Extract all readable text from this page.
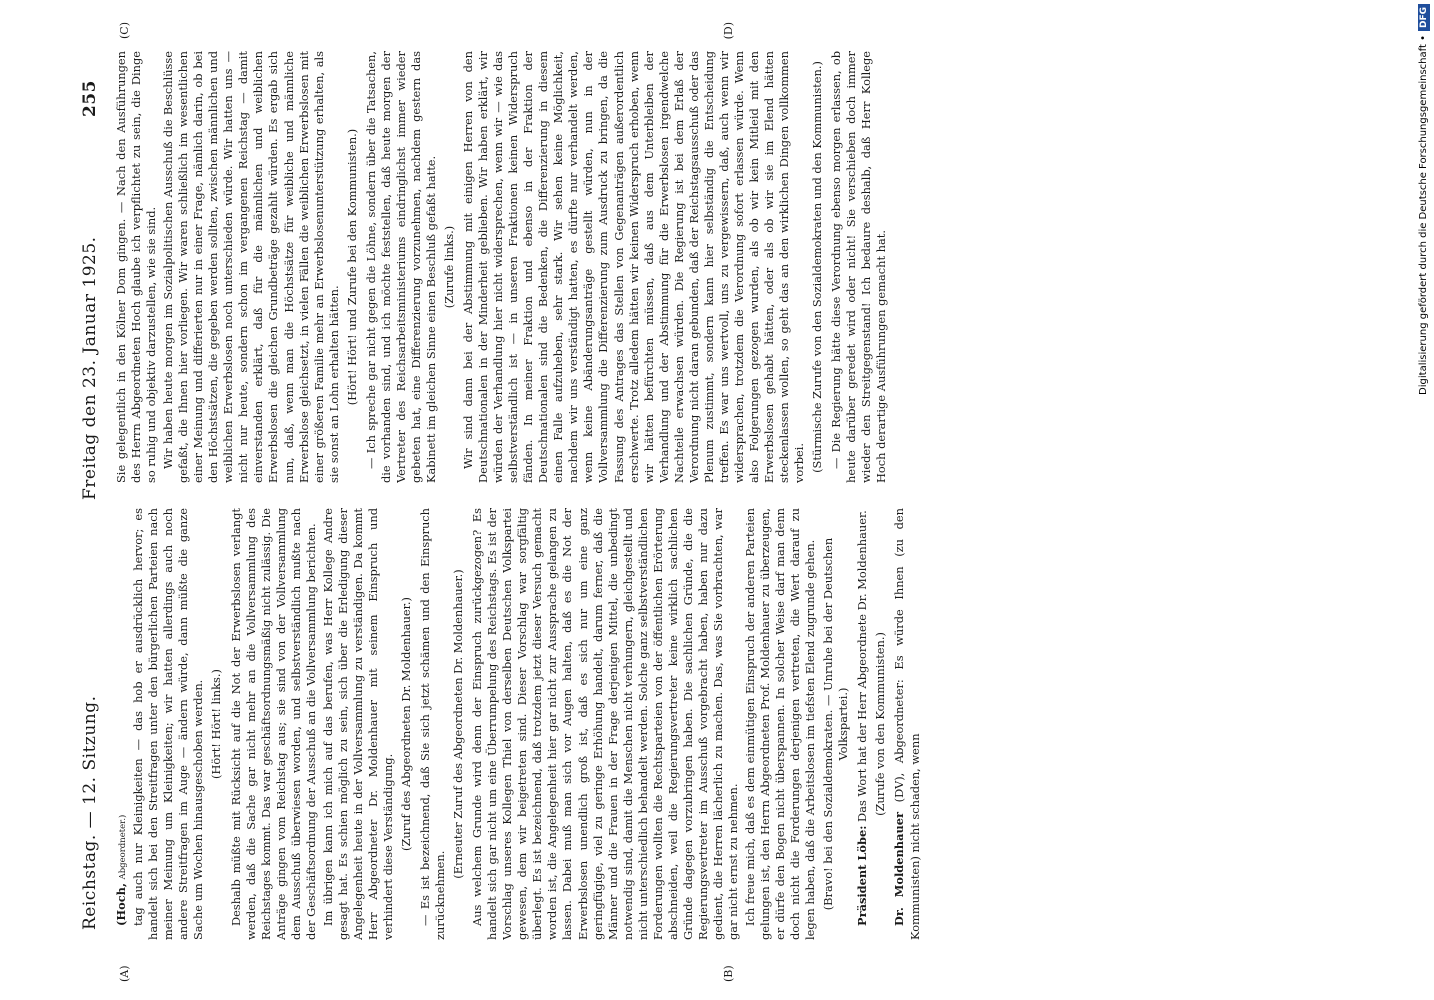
Reichstag. — 12. Sitzung.
Freitag den 23. Januar 1925.
255
(A)	(B)
(C)	(D)

(Hoch, Abgeordneter.) tag auch nur Kleinigkeiten — das hob er ausdrücklich hervor; es handelt sich bei den Streitfragen unter den bürgerlichen Parteien nach meiner Meinung um Kleinigkeiten; wir hatten allerdings auch noch andere Streitfragen im Auge — ändern würde, dann müßte die ganze Sache um Wochen hinausgeschoben werden. (Hört! Hört! links.) Deshalb müßte mit Rücksicht auf die Not der Erwerbslosen verlangt werden, daß die Sache gar nicht mehr an die Vollversammlung des Reichstages kommt. Das war geschäftsordnungsmäßig nicht zulässig. Die Anträge gingen vom Reichstag aus; sie sind von der Vollversammlung dem Ausschuß überwiesen worden, und selbstverständlich mußte nach der Geschäftsordnung der Ausschuß an die Vollversammlung berichten. Im übrigen kann ich mich auf das berufen, was Herr Kollege Andre gesagt hat. Es schien möglich zu sein, sich über die Erledigung dieser Angelegenheit heute in der Vollversammlung zu verständigen. Da kommt Herr Abgeordneter Dr. Moldenhauer mit seinem Einspruch und verhindert diese Verständigung. (Zuruf des Abgeordneten Dr. Moldenhauer.) — Es ist bezeichnend, daß Sie sich jetzt schämen und den Einspruch zurücknehmen.

(Erneuter Zuruf des Abgeordneten Dr. Moldenhauer.) Aus welchem Grunde wird denn der Einspruch zurückgezogen? Es handelt sich gar nicht um eine Überrumpelung des Reichstags. Es ist der Vorschlag unseres Kollegen Thiel von derselben Deutschen Volkspartei gewesen, dem wir beigetreten sind. Dieser Vorschlag war sorgfältig überlegt. Es ist bezeichnend, daß trotzdem jetzt dieser Versuch gemacht worden ist, die Angelegenheit hier gar nicht zur Aussprache gelangen zu lassen. Dabei muß man sich vor Augen halten, daß es die Not der Erwerbslosen unendlich groß ist, daß es sich nur um eine ganz geringfügige, viel zu geringe Erhöhung handelt, darum ferner, daß die Männer und die Frauen in der Frage derjenigen Mittel, die unbedingt notwendig sind, damit die Menschen nicht verhungern, gleichgestellt und nicht unterschiedlich behandelt werden. Solche ganz selbstverständlichen Forderungen wollten die Rechtsparteien von der öffentlichen Erörterung abschneiden, weil die Regierungsvertreter keine wirklich sachlichen Gründe dagegen vorzubringen haben. Die sachlichen Gründe, die die Regierungsvertreter im Ausschuß vorgebracht haben, haben nur dazu gedient, die Herren lächerlich zu machen. Das, was Sie vorbrachten, war gar nicht ernst zu nehmen. Ich freue mich, daß es dem einmütigen Einspruch der anderen Parteien gelungen ist, den Herrn Abgeordneten Prof. Moldenhauer zu überzeugen, er dürfe den Bogen nicht überspannen. In solcher Weise darf man denn doch nicht die Forderungen derjenigen vertreten, die Wert darauf zu legen haben, daß die Arbeitslosen im tiefsten Elend zugrunde gehen. (Bravo! bei den Sozialdemokraten. — Unruhe bei der Deutschen Volkspartei.)

Präsident Löbe: Das Wort hat der Herr Abgeordnete Dr. Moldenhauer. (Zurufe von den Kommunisten.)

Dr. Moldenhauer (DV), Abgeordneter: Es würde Ihnen (zu den Kommunisten) nicht schaden, wenn

Sie gelegentlich in den Kölner Dom gingen. — Nach den Ausführungen des Herrn Abgeordneten Hoch glaube ich verpflichtet zu sein, die Dinge so ruhig und objektiv darzustellen, wie sie sind. Wir haben heute morgen im Sozialpolitischen Ausschuß die Beschlüsse gefaßt, die Ihnen hier vorliegen. Wir waren schließlich im wesentlichen einer Meinung und differierten nur in einer Frage, nämlich darin, ob bei den Höchstsätzen, die gegeben werden sollten, zwischen männlichen und weiblichen Erwerbslosen noch unterschieden würde. Wir hatten uns — nicht nur heute, sondern schon im vergangenen Reichstag — damit einverstanden erklärt, daß für die männlichen und weiblichen Erwerbslosen die gleichen Grundbeträge gezahlt würden. Es ergab sich nun, daß, wenn man die Höchstsätze für weibliche und männliche Erwerbslose gleichsetzt, in vielen Fällen die weiblichen Erwerbslosen mit einer größeren Familie mehr an Erwerbslosenunterstützung erhalten, als sie sonst an Lohn erhalten hätten. (Hört! Hört! und Zurufe bei den Kommunisten.) — Ich spreche gar nicht gegen die Löhne, sondern über die Tatsachen, die vorhanden sind, und ich möchte feststellen, daß heute morgen der Vertreter des Reichsarbeitsministeriums eindringlichst immer wieder gebeten hat, eine Differenzierung vorzunehmen, nachdem gestern das Kabinett im gleichen Sinne einen Beschluß gefaßt hatte. (Zurufe links.) Wir sind dann bei der Abstimmung mit einigen Herren von den Deutschnationalen in der Minderheit geblieben. Wir haben erklärt, wir würden der Verhandlung hier nicht widersprechen, wenn wir — wie das selbstverständlich ist — in unseren Fraktionen keinen Widerspruch fänden. In meiner Fraktion und ebenso in der Fraktion der Deutschnationalen sind die Bedenken, die Differenzierung in diesem einen Falle aufzuheben, sehr stark. Wir sehen keine Möglichkeit, nachdem wir uns verständigt hatten, es dürfte nur verhandelt werden, wenn keine Abänderungsanträge gestellt würden, nun in der Vollversammlung die Differenzierung zum Ausdruck zu bringen, da die Fassung des Antrages das Stellen von Gegenanträgen außerordentlich erschwerte. Trotz alledem hätten wir keinen Widerspruch erhoben, wenn wir hätten befürchten müssen, daß aus dem Unterbleiben der Verhandlung und der Abstimmung für die Erwerbslosen irgendwelche Nachteile erwachsen würden. Die Regierung ist bei dem Erlaß der Verordnung nicht daran gebunden, daß der Reichstagsausschuß oder das Plenum zustimmt, sondern kann hier selbständig die Entscheidung treffen. Es war uns wertvoll, uns zu vergewissern, daß, auch wenn wir widersprachen, trotzdem die Verordnung sofort erlassen würde. Wenn also Folgerungen gezogen wurden, als ob wir kein Mitleid mit den Erwerbslosen gehabt hätten, oder als ob wir sie im Elend hätten steckenlassen wollen, so geht das an den wirklichen Dingen vollkommen vorbei. (Stürmische Zurufe von den Sozialdemokraten und den Kommunisten.) — Die Regierung hätte diese Verordnung ebenso morgen erlassen, ob heute darüber geredet wird oder nicht! Sie verschieben doch immer wieder den Streitgegenstand! Ich bedaure deshalb, daß Herr Kollege Hoch derartige Ausführungen gemacht hat.	Digitalisierung gefördert durch die Deutsche Forschungsgemeinschaft •DFG
